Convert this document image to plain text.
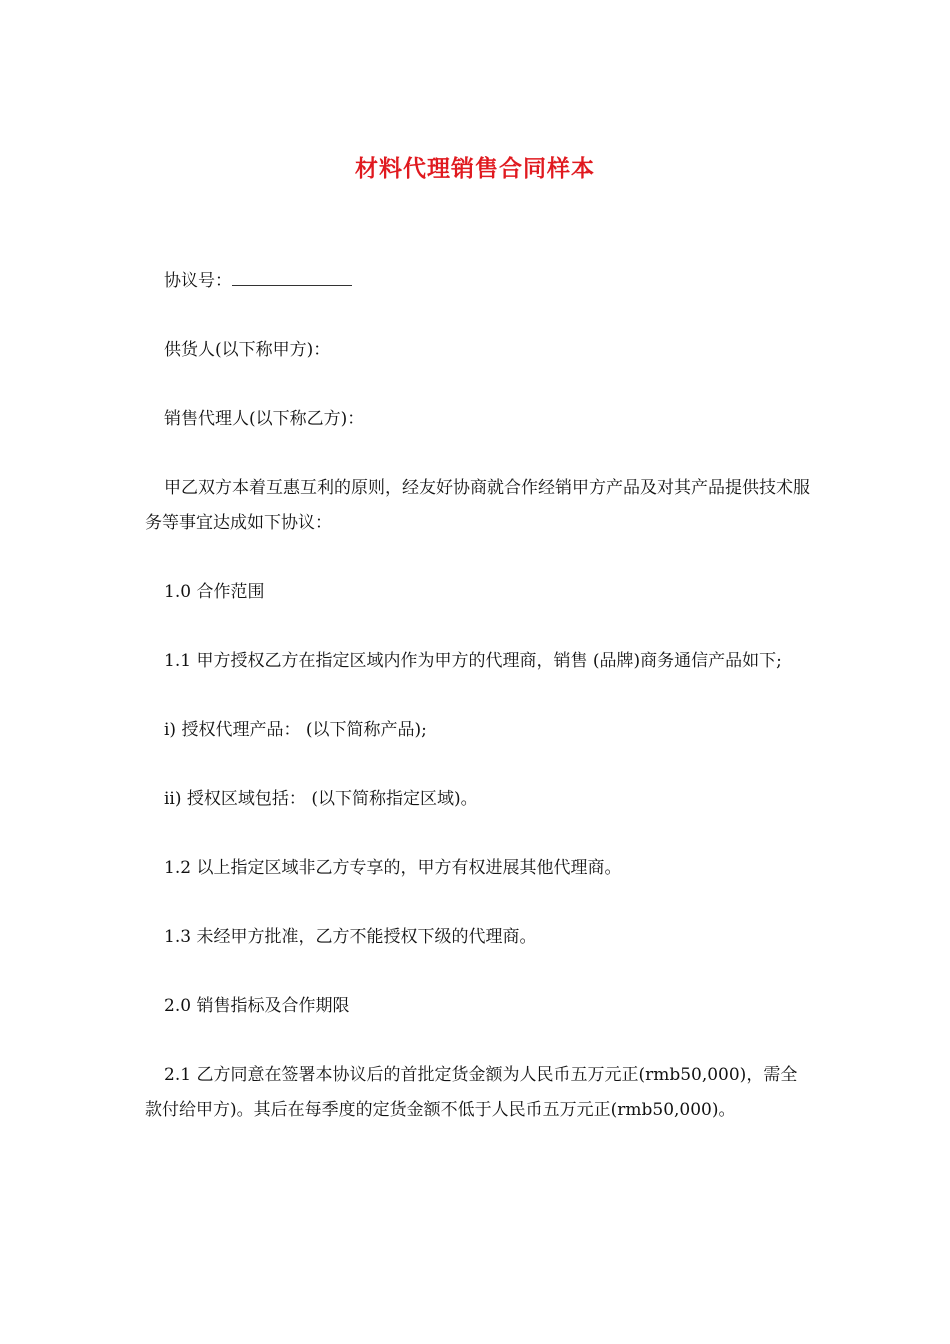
材料代理销售合同样本

协议号：

供货人(以下称甲方)：

销售代理人(以下称乙方)：

甲乙双方本着互惠互利的原则，经友好协商就合作经销甲方产品及对其产品提供技术服务等事宜达成如下协议：

1.0 合作范围

1.1 甲方授权乙方在指定区域内作为甲方的代理商，销售 (品牌)商务通信产品如下;

i) 授权代理产品： (以下简称产品);

ii) 授权区域包括： (以下简称指定区域)。

1.2 以上指定区域非乙方专享的，甲方有权进展其他代理商。

1.3 未经甲方批准，乙方不能授权下级的代理商。

2.0 销售指标及合作期限

2.1 乙方同意在签署本协议后的首批定货金额为人民币五万元正(rmb50,000)，需全款付给甲方)。其后在每季度的定货金额不低于人民币五万元正(rmb50,000)。
